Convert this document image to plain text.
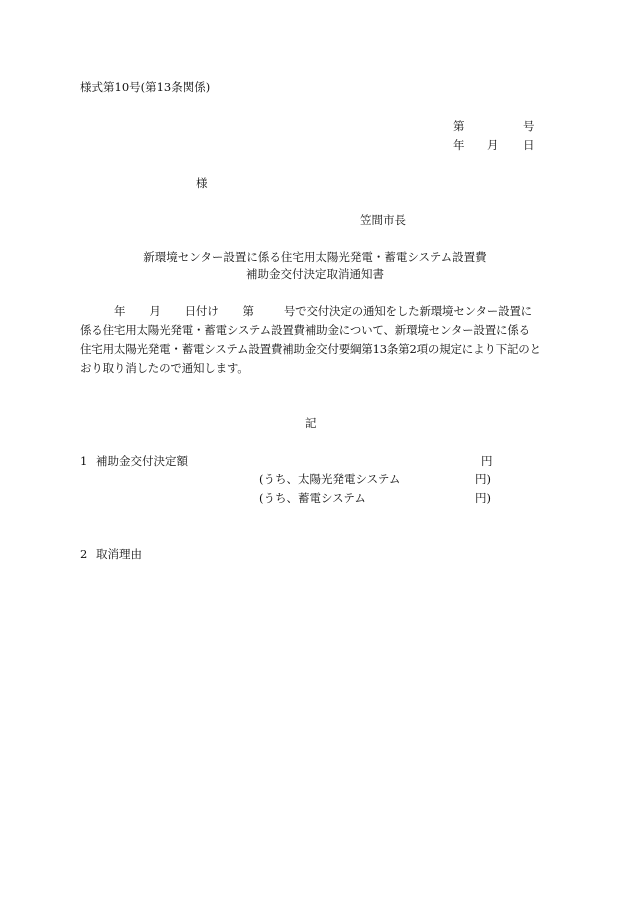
様式第10号(第13条関係)
第	号
年 月 日
様
笠間市長
新環境センター設置に係る住宅用太陽光発電・蓄電システム設置費
補助金交付決定取消通知書
年 月 日付け 第	号で交付決定の通知をした新環境センター設置に
係る住宅用太陽光発電・蓄電システム設置費補助金について、新環境センター設置に係る
住宅用太陽光発電・蓄電システム設置費補助金交付要綱第13条第2項の規定により下記のと
おり取り消したので通知します。
記
1 補助金交付決定額	円
(うち、太陽光発電システム	円)
(うち、蓄電システム	円)
2 取消理由
